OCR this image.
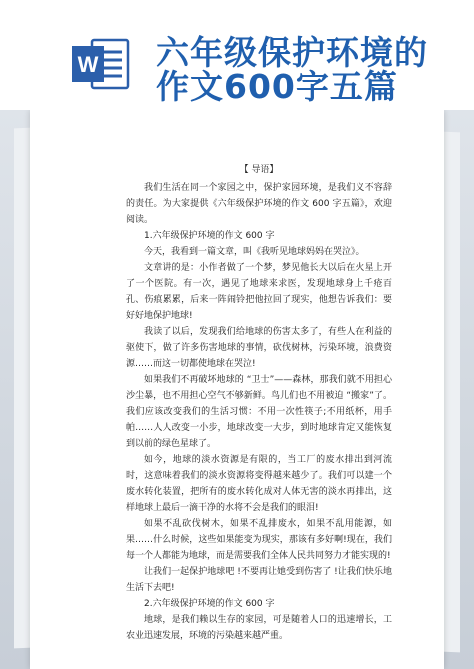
W 六年级保护环境的
作文600字五篇

【 导语】

我们生活在同一个家园之中，保护家园环境，是我们义不容辞的责任。为大家提供《六年级保护环境的作文 600 字五篇》，欢迎阅读。

1.六年级保护环境的作文 600 字

今天，我看到一篇文章，叫《我听见地球妈妈在哭泣》。

文章讲的是：小作者做了一个梦，梦见他长大以后在火星上开了一个医院。有一次，遇见了地球来求医，发现地球身上千疮百孔、伤痕累累，后来一阵闹铃把他拉回了现实，他想告诉我们：要好好地保护地球!

我读了以后，发现我们给地球的伤害太多了，有些人在利益的驱使下，做了许多伤害地球的事情，砍伐树林，污染环境，浪费资源……而这一切都使地球在哭泣!

如果我们不再破坏地球的 “卫士”——森林，那我们就不用担心沙尘暴，也不用担心空气不够新鲜。鸟儿们也不用被迫 “搬家”了。我们应该改变我们的生活习惯：不用一次性筷子;不用纸杯，用手帕……人人改变一小步，地球改变一大步，到时地球肯定又能恢复到以前的绿色星球了。

如今，地球的淡水资源是有限的，当工厂的废水排出到河流时，这意味着我们的淡水资源将变得越来越少了。我们可以建一个废水转化装置，把所有的废水转化成对人体无害的淡水再排出，这样地球上最后一滴干净的水将不会是我们的眼泪!

如果不乱砍伐树木，如果不乱排废水，如果不乱用能源，如果……什么时候，这些如果能变为现实，那该有多好啊!现在，我们每一个人都能为地球，而是需要我们全体人民共同努力才能实现的!

让我们一起保护地球吧 !不要再让她受到伤害了 !让我们快乐地生活下去吧!

2.六年级保护环境的作文 600 字

地球，是我们赖以生存的家园，可是随着人口的迅速增长，工农业迅速发展，环境的污染越来越严重。
